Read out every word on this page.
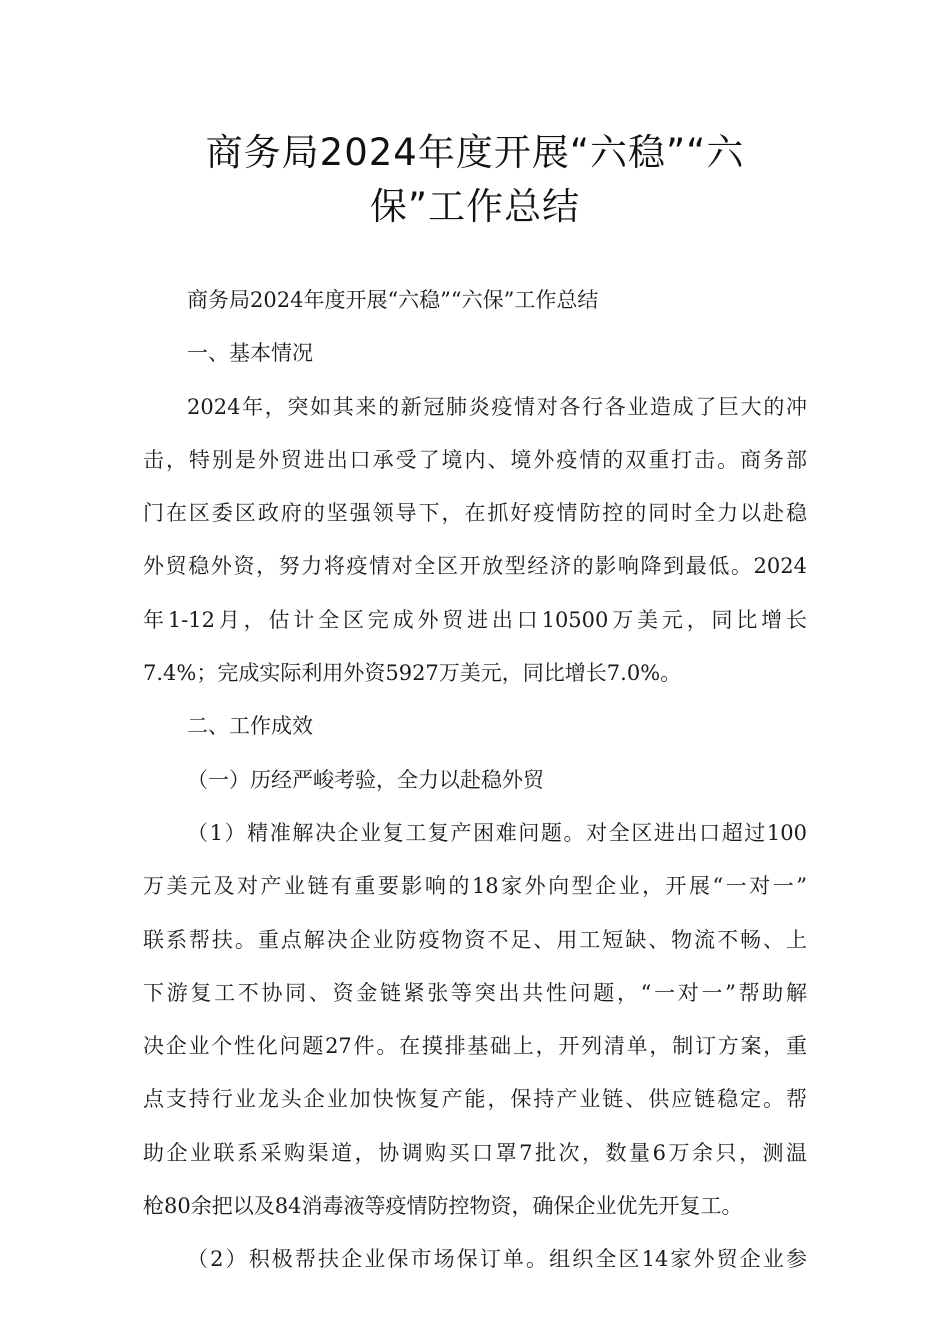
商务局2024年度开展“六稳”“六
保”工作总结
商务局2024年度开展“六稳”“六保”工作总结
一、基本情况
2024年，突如其来的新冠肺炎疫情对各行各业造成了巨大的冲
击，特别是外贸进出口承受了境内、境外疫情的双重打击。商务部
门在区委区政府的坚强领导下，在抓好疫情防控的同时全力以赴稳
外贸稳外资，努力将疫情对全区开放型经济的影响降到最低。2024
年1-12月，估计全区完成外贸进出口10500万美元，同比增长
7.4%；完成实际利用外资5927万美元，同比增长7.0%。
二、工作成效
（一）历经严峻考验，全力以赴稳外贸
（1）精准解决企业复工复产困难问题。对全区进出口超过100
万美元及对产业链有重要影响的18家外向型企业，开展“一对一”
联系帮扶。重点解决企业防疫物资不足、用工短缺、物流不畅、上
下游复工不协同、资金链紧张等突出共性问题，“一对一”帮助解
决企业个性化问题27件。在摸排基础上，开列清单，制订方案，重
点支持行业龙头企业加快恢复产能，保持产业链、供应链稳定。帮
助企业联系采购渠道，协调购买口罩7批次，数量6万余只，测温
枪80余把以及84消毒液等疫情防控物资，确保企业优先开复工。
（2）积极帮扶企业保市场保订单。组织全区14家外贸企业参
